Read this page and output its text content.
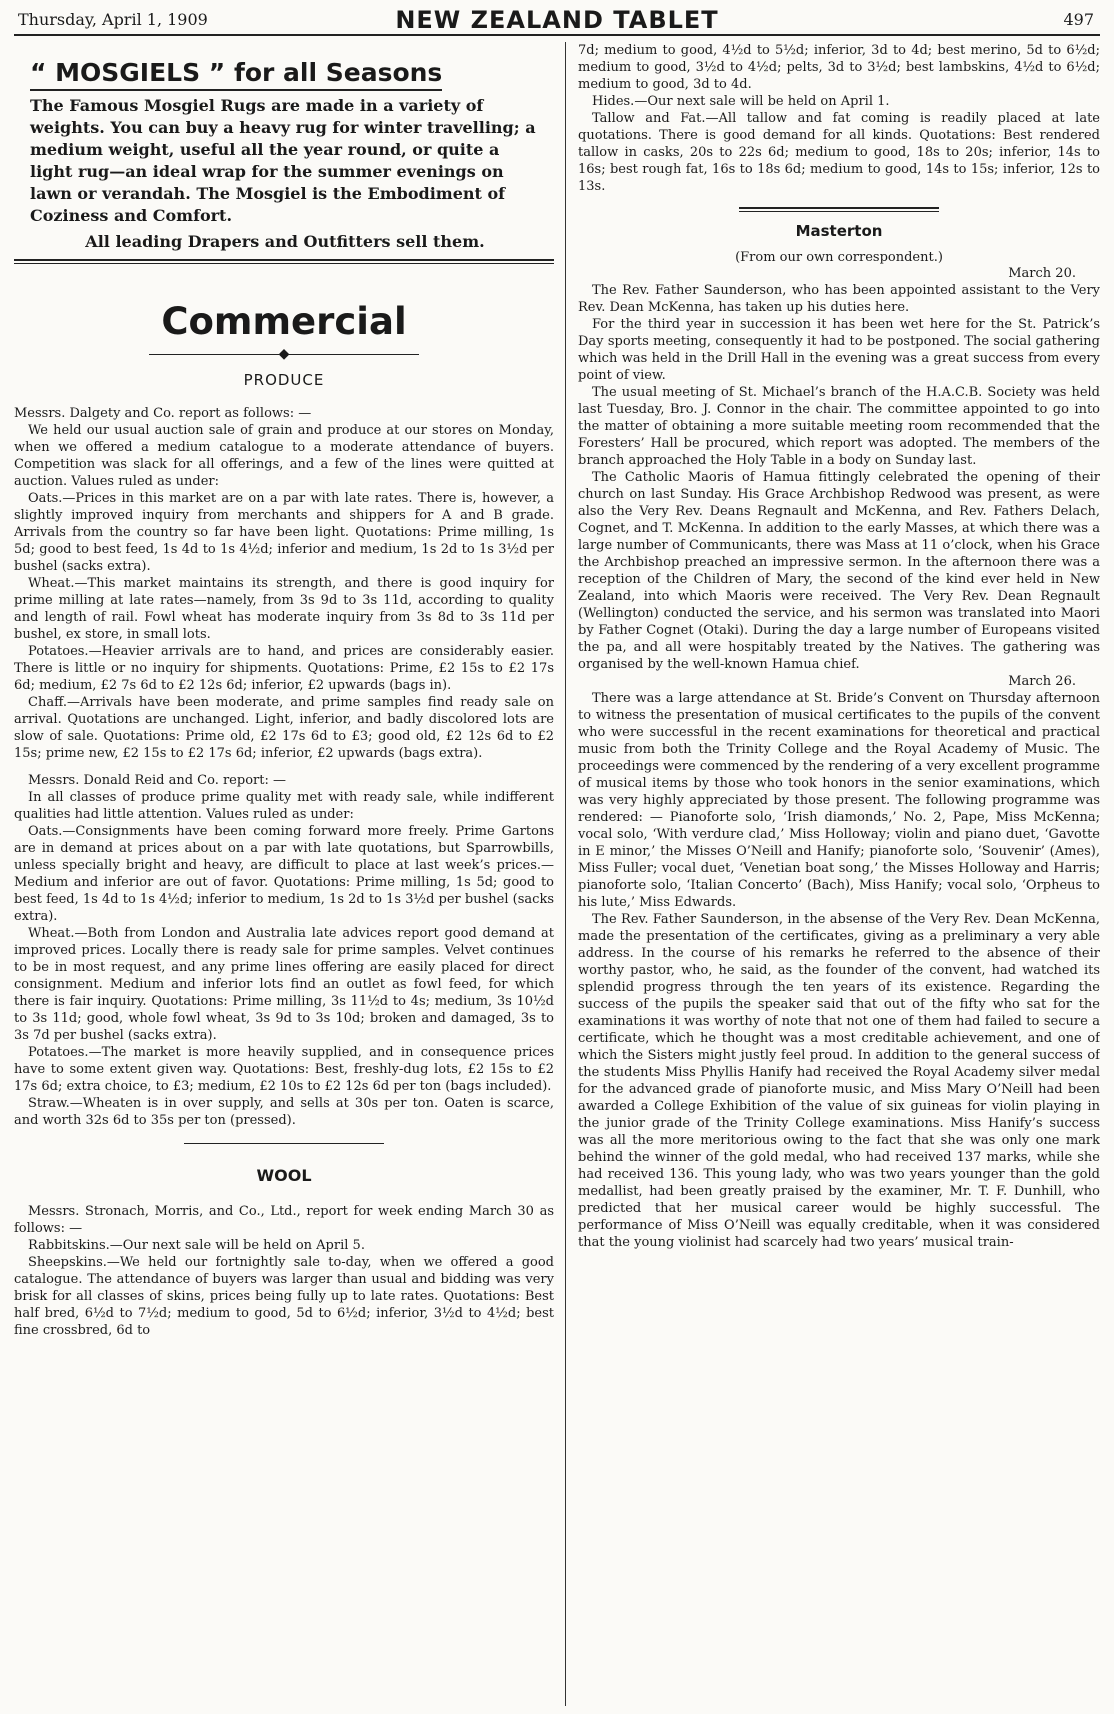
Thursday, April 1, 1909	NEW ZEALAND TABLET	497
“ MOSGIELS ” for all Seasons

The Famous Mosgiel Rugs are made in a variety of weights. You can buy a heavy rug for winter travelling; a medium weight, useful all the year round, or quite a light rug—an ideal wrap for the summer evenings on lawn or verandah. The Mosgiel is the Embodiment of Coziness and Comfort.

All leading Drapers and Outfitters sell them.

Commercial
◆
PRODUCE

Messrs. Dalgety and Co. report as follows: —

We held our usual auction sale of grain and produce at our stores on Monday, when we offered a medium catalogue to a moderate attendance of buyers. Competition was slack for all offerings, and a few of the lines were quitted at auction. Values ruled as under:

Oats.—Prices in this market are on a par with late rates. There is, however, a slightly improved inquiry from merchants and shippers for A and B grade. Arrivals from the country so far have been light. Quotations: Prime milling, 1s 5d; good to best feed, 1s 4d to 1s 4½d; inferior and medium, 1s 2d to 1s 3½d per bushel (sacks extra).

Wheat.—This market maintains its strength, and there is good inquiry for prime milling at late rates—namely, from 3s 9d to 3s 11d, according to quality and length of rail. Fowl wheat has moderate inquiry from 3s 8d to 3s 11d per bushel, ex store, in small lots.

Potatoes.—Heavier arrivals are to hand, and prices are considerably easier. There is little or no inquiry for shipments. Quotations: Prime, £2 15s to £2 17s 6d; medium, £2 7s 6d to £2 12s 6d; inferior, £2 upwards (bags in).

Chaff.—Arrivals have been moderate, and prime samples find ready sale on arrival. Quotations are unchanged. Light, inferior, and badly discolored lots are slow of sale. Quotations: Prime old, £2 17s 6d to £3; good old, £2 12s 6d to £2 15s; prime new, £2 15s to £2 17s 6d; inferior, £2 upwards (bags extra).

Messrs. Donald Reid and Co. report: —

In all classes of produce prime quality met with ready sale, while indifferent qualities had little attention. Values ruled as under:

Oats.—Consignments have been coming forward more freely. Prime Gartons are in demand at prices about on a par with late quotations, but Sparrowbills, unless specially bright and heavy, are difficult to place at last week’s prices.— Medium and inferior are out of favor. Quotations: Prime milling, 1s 5d; good to best feed, 1s 4d to 1s 4½d; inferior to medium, 1s 2d to 1s 3½d per bushel (sacks extra).

Wheat.—Both from London and Australia late advices report good demand at improved prices. Locally there is ready sale for prime samples. Velvet continues to be in most request, and any prime lines offering are easily placed for direct consignment. Medium and inferior lots find an outlet as fowl feed, for which there is fair inquiry. Quotations: Prime milling, 3s 11½d to 4s; medium, 3s 10½d to 3s 11d; good, whole fowl wheat, 3s 9d to 3s 10d; broken and damaged, 3s to 3s 7d per bushel (sacks extra).

Potatoes.—The market is more heavily supplied, and in consequence prices have to some extent given way. Quotations: Best, freshly-dug lots, £2 15s to £2 17s 6d; extra choice, to £3; medium, £2 10s to £2 12s 6d per ton (bags included).

Straw.—Wheaten is in over supply, and sells at 30s per ton. Oaten is scarce, and worth 32s 6d to 35s per ton (pressed).

WOOL

Messrs. Stronach, Morris, and Co., Ltd., report for week ending March 30 as follows: —

Rabbitskins.—Our next sale will be held on April 5.

Sheepskins.—We held our fortnightly sale to-day, when we offered a good catalogue. The attendance of buyers was larger than usual and bidding was very brisk for all classes of skins, prices being fully up to late rates. Quotations: Best half bred, 6½d to 7½d; medium to good, 5d to 6½d; inferior, 3½d to 4½d; best fine crossbred, 6d to

7d; medium to good, 4½d to 5½d; inferior, 3d to 4d; best merino, 5d to 6½d; medium to good, 3½d to 4½d; pelts, 3d to 3½d; best lambskins, 4½d to 6½d; medium to good, 3d to 4d.

Hides.—Our next sale will be held on April 1.

Tallow and Fat.—All tallow and fat coming is readily placed at late quotations. There is good demand for all kinds. Quotations: Best rendered tallow in casks, 20s to 22s 6d; medium to good, 18s to 20s; inferior, 14s to 16s; best rough fat, 16s to 18s 6d; medium to good, 14s to 15s; inferior, 12s to 13s.

Masterton

(From our own correspondent.)

March 20.

The Rev. Father Saunderson, who has been appointed assistant to the Very Rev. Dean McKenna, has taken up his duties here.

For the third year in succession it has been wet here for the St. Patrick’s Day sports meeting, consequently it had to be postponed. The social gathering which was held in the Drill Hall in the evening was a great success from every point of view.

The usual meeting of St. Michael’s branch of the H.A.C.B. Society was held last Tuesday, Bro. J. Connor in the chair. The committee appointed to go into the matter of obtaining a more suitable meeting room recommended that the Foresters’ Hall be procured, which report was adopted. The members of the branch approached the Holy Table in a body on Sunday last.

The Catholic Maoris of Hamua fittingly celebrated the opening of their church on last Sunday. His Grace Archbishop Redwood was present, as were also the Very Rev. Deans Regnault and McKenna, and Rev. Fathers Delach, Cognet, and T. McKenna. In addition to the early Masses, at which there was a large number of Communicants, there was Mass at 11 o’clock, when his Grace the Archbishop preached an impressive sermon. In the afternoon there was a reception of the Children of Mary, the second of the kind ever held in New Zealand, into which Maoris were received. The Very Rev. Dean Regnault (Wellington) conducted the service, and his sermon was translated into Maori by Father Cognet (Otaki). During the day a large number of Europeans visited the pa, and all were hospitably treated by the Natives. The gathering was organised by the well-known Hamua chief.

March 26.

There was a large attendance at St. Bride’s Convent on Thursday afternoon to witness the presentation of musical certificates to the pupils of the convent who were successful in the recent examinations for theoretical and practical music from both the Trinity College and the Royal Academy of Music. The proceedings were commenced by the rendering of a very excellent programme of musical items by those who took honors in the senior examinations, which was very highly appreciated by those present. The following programme was rendered: — Pianoforte solo, ‘Irish diamonds,’ No. 2, Pape, Miss McKenna; vocal solo, ‘With verdure clad,’ Miss Holloway; violin and piano duet, ‘Gavotte in E minor,’ the Misses O’Neill and Hanify; pianoforte solo, ‘Souvenir’ (Ames), Miss Fuller; vocal duet, ‘Venetian boat song,’ the Misses Holloway and Harris; pianoforte solo, ‘Italian Concerto’ (Bach), Miss Hanify; vocal solo, ‘Orpheus to his lute,’ Miss Edwards.

The Rev. Father Saunderson, in the absense of the Very Rev. Dean McKenna, made the presentation of the certificates, giving as a preliminary a very able address. In the course of his remarks he referred to the absence of their worthy pastor, who, he said, as the founder of the convent, had watched its splendid progress through the ten years of its existence. Regarding the success of the pupils the speaker said that out of the fifty who sat for the examinations it was worthy of note that not one of them had failed to secure a certificate, which he thought was a most creditable achievement, and one of which the Sisters might justly feel proud. In addition to the general success of the students Miss Phyllis Hanify had received the Royal Academy silver medal for the advanced grade of pianoforte music, and Miss Mary O’Neill had been awarded a College Exhibition of the value of six guineas for violin playing in the junior grade of the Trinity College examinations. Miss Hanify’s success was all the more meritorious owing to the fact that she was only one mark behind the winner of the gold medal, who had received 137 marks, while she had received 136. This young lady, who was two years younger than the gold medallist, had been greatly praised by the examiner, Mr. T. F. Dunhill, who predicted that her musical career would be highly successful. The performance of Miss O’Neill was equally creditable, when it was considered that the young violinist had scarcely had two years’ musical train-
